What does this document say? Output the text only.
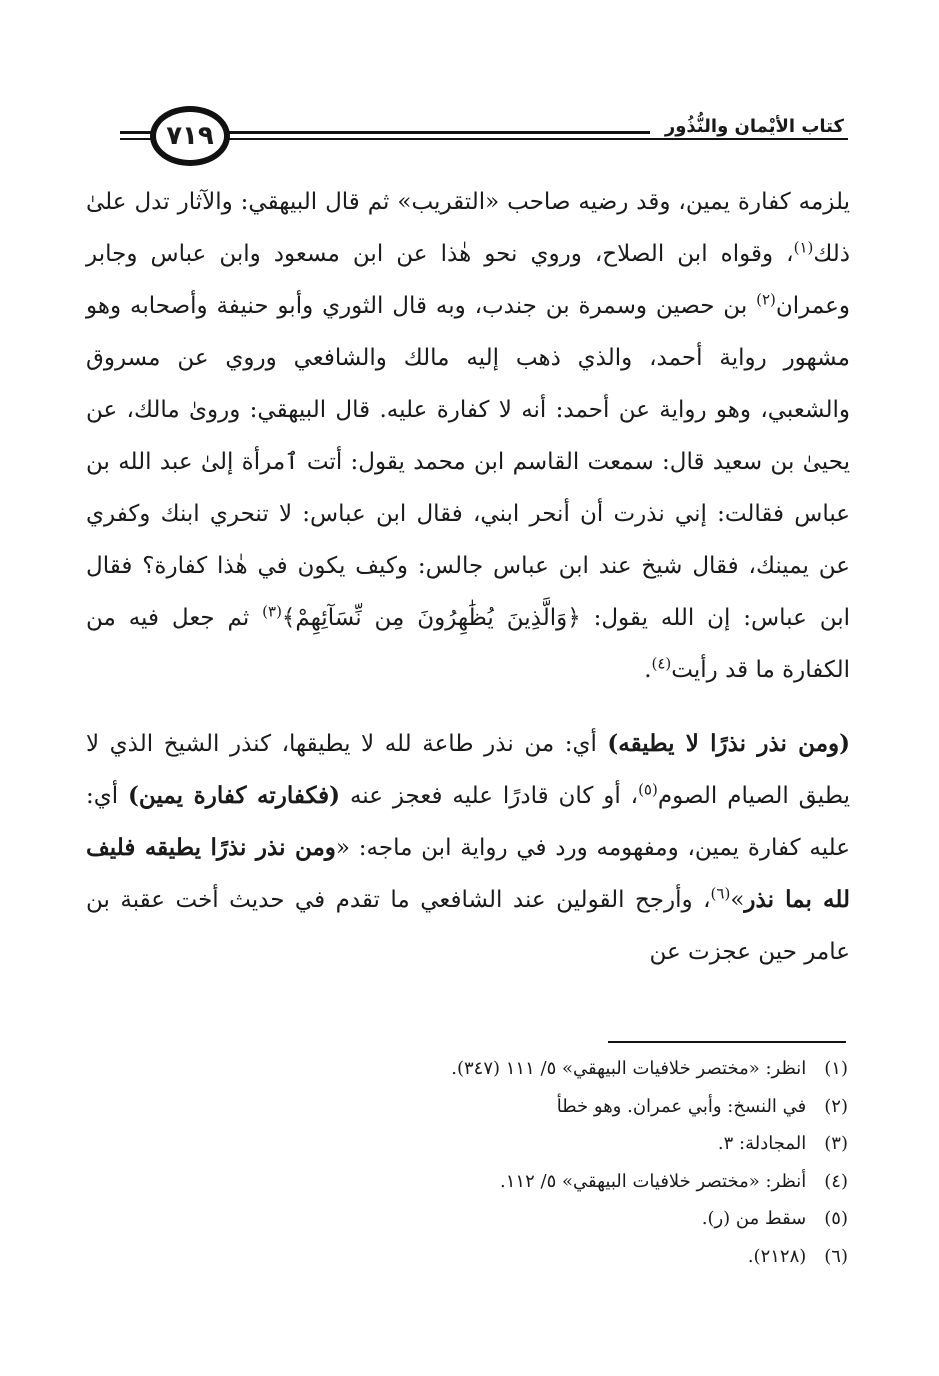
كتاب الأيْمان والنُّذُور
٧١٩

يلزمه كفارة يمين، وقد رضيه صاحب «التقريب» ثم قال البيهقي: والآثار تدل علىٰ ذلك$^{(١)}$، وقواه ابن الصلاح، وروي نحو هٰذا عن ابن مسعود وابن عباس وجابر وعمران$^{(٢)}$ بن حصين وسمرة بن جندب، وبه قال الثوري وأبو حنيفة وأصحابه وهو مشهور رواية أحمد، والذي ذهب إليه مالك والشافعي وروي عن مسروق والشعبي، وهو رواية عن أحمد: أنه لا كفارة عليه. قال البيهقي: وروىٰ مالك، عن يحيىٰ بن سعيد قال: سمعت القاسم ابن محمد يقول: أتت ٱمرأة إلىٰ عبد الله بن عباس فقالت: إني نذرت أن أنحر ابني، فقال ابن عباس: لا تنحري ابنك وكفري عن يمينك، فقال شيخ عند ابن عباس جالس: وكيف يكون في هٰذا كفارة؟ فقال ابن عباس: إن الله يقول: ﴿وَالَّذِينَ يُظَٰهِرُونَ مِن نِّسَآئِهِمْ﴾$^{(٣)}$ ثم جعل فيه من الكفارة ما قد رأيت$^{(٤)}$.

(ومن نذر نذرًا لا يطيقه) أي: من نذر طاعة لله لا يطيقها، كنذر الشيخ الذي لا يطيق الصيام الصوم$^{(٥)}$، أو كان قادرًا عليه فعجز عنه (فكفارته كفارة يمين) أي: عليه كفارة يمين، ومفهومه ورد في رواية ابن ماجه: «ومن نذر نذرًا يطيقه فليف لله بما نذر»$^{(٦)}$، وأرجح القولين عند الشافعي ما تقدم في حديث أخت عقبة بن عامر حين عجزت عن

(١) انظر: «مختصر خلافيات البيهقي» ٥/ ١١١ (٣٤٧).
(٢) في النسخ: وأبي عمران. وهو خطأ
(٣) المجادلة: ٣.
(٤) أنظر: «مختصر خلافيات البيهقي» ٥/ ١١٢.
(٥) سقط من (ر).
(٦) (٢١٢٨).
